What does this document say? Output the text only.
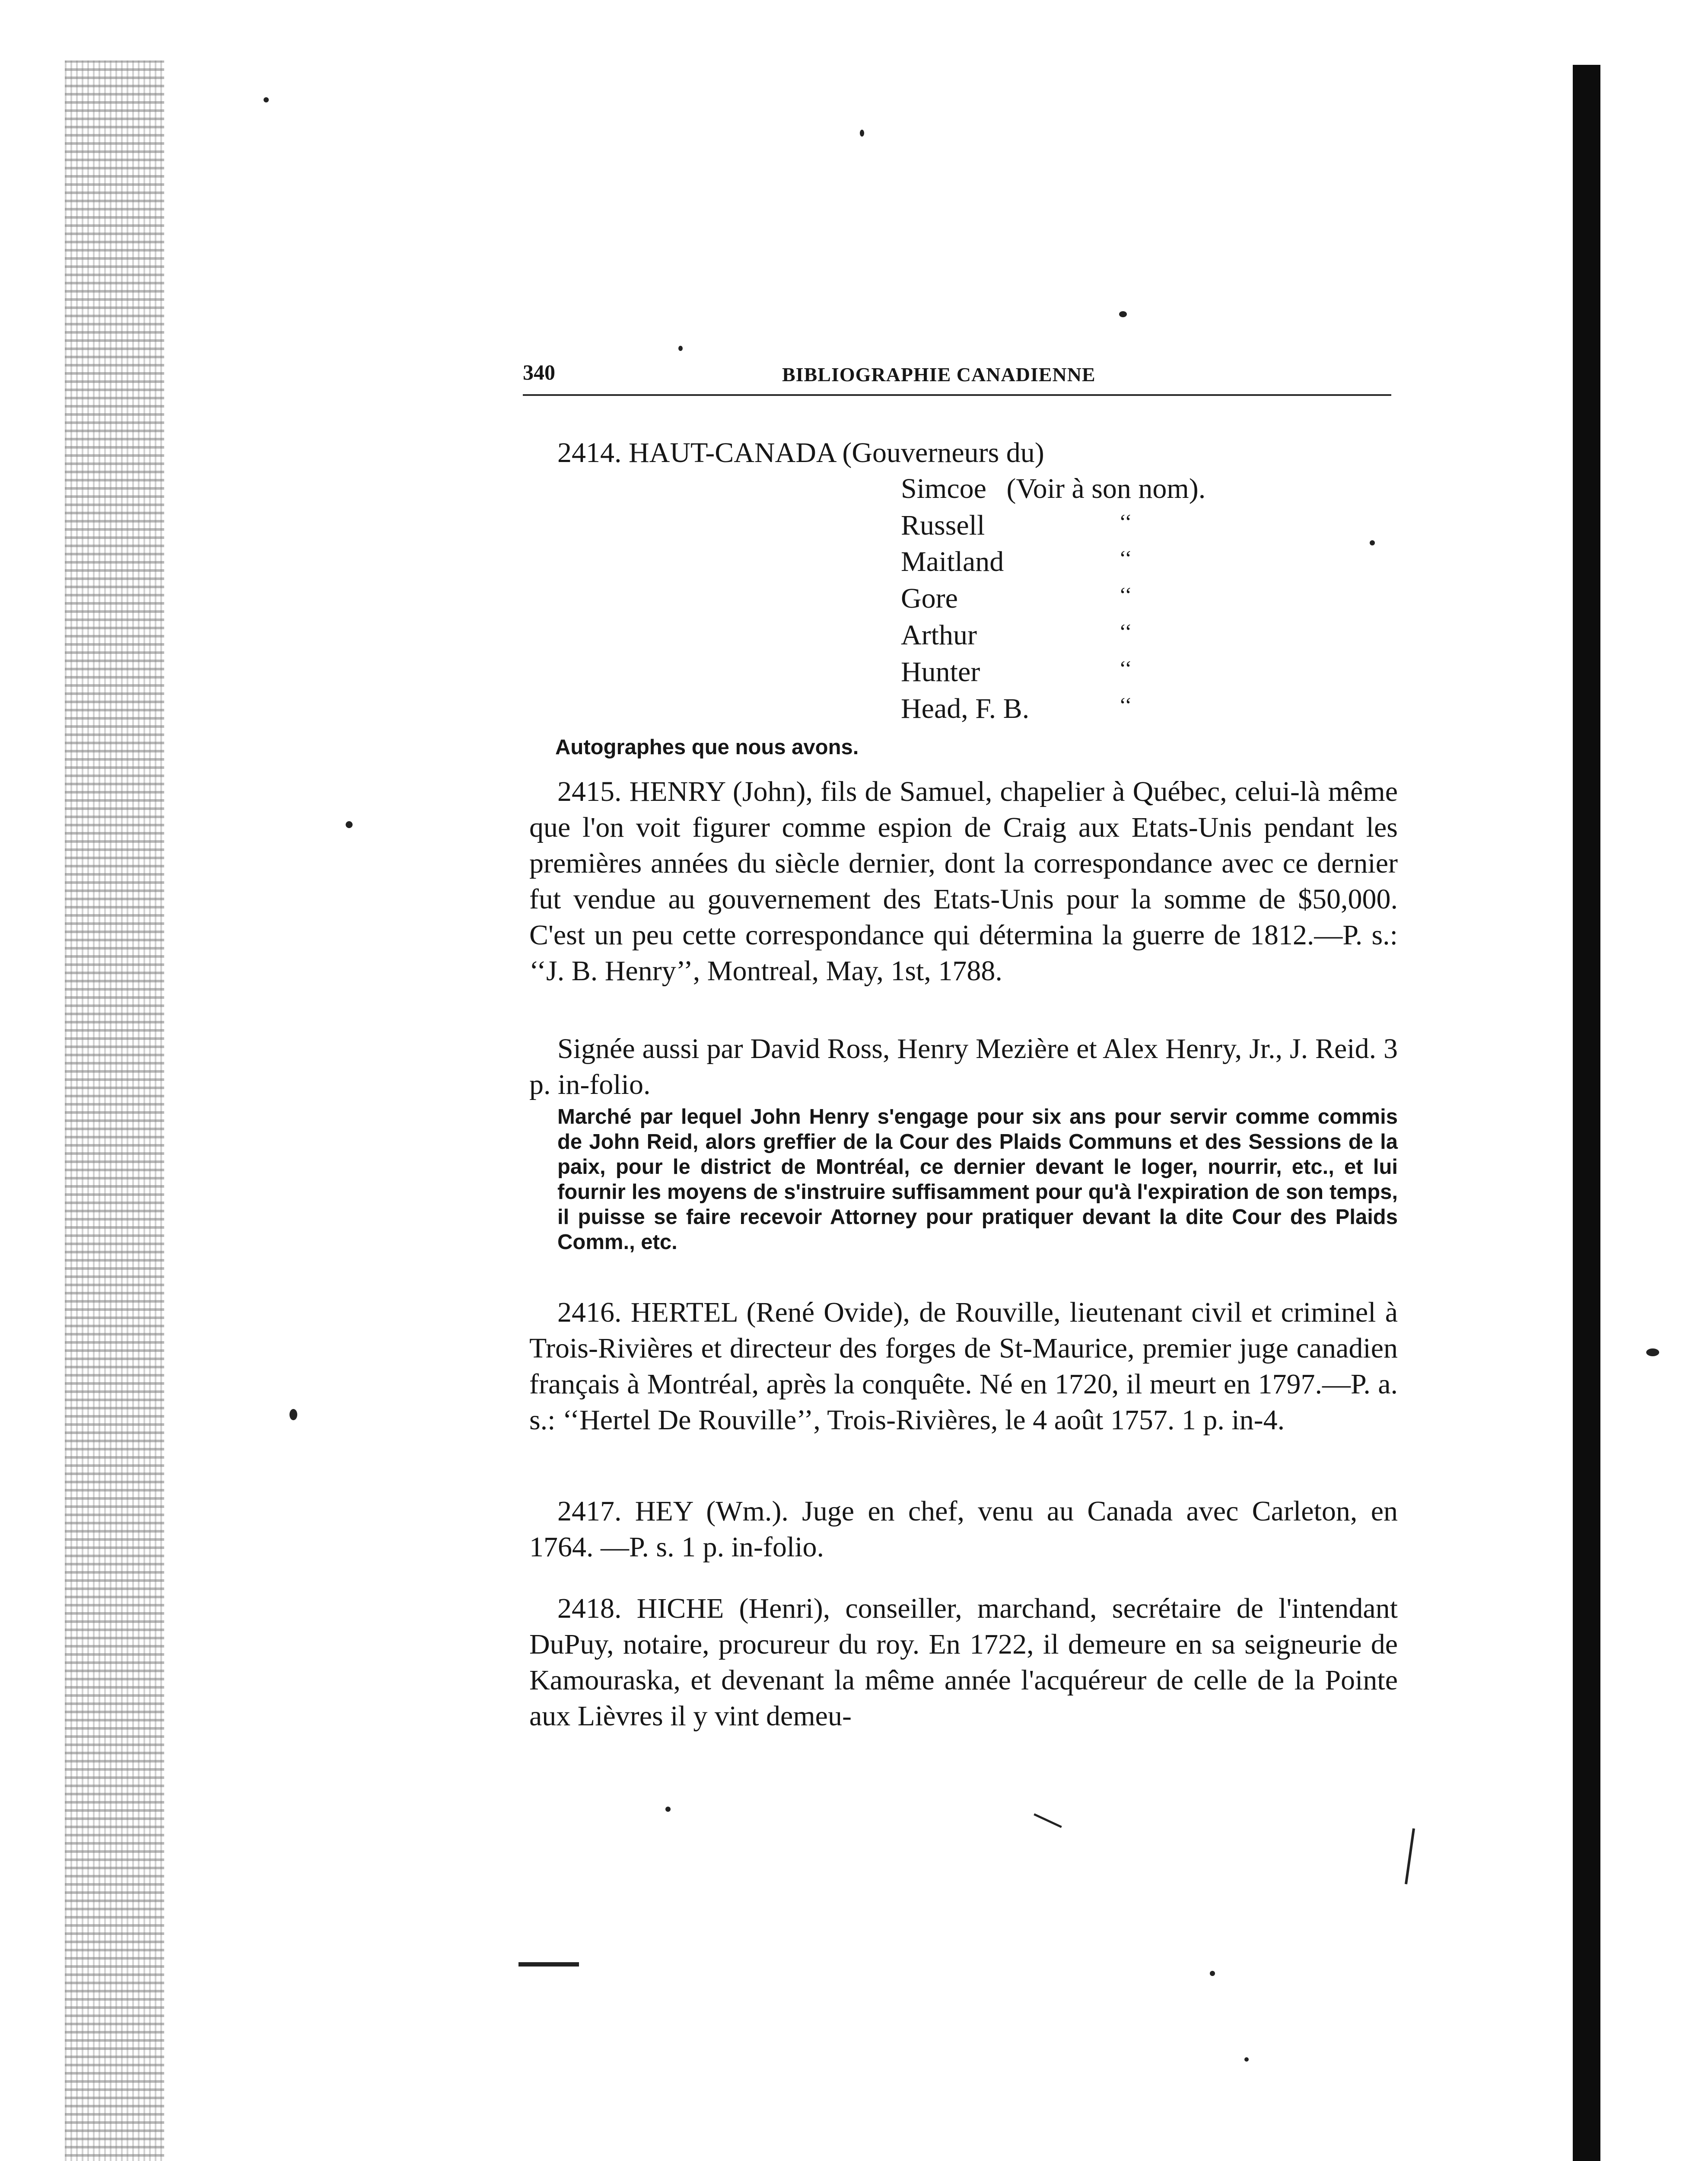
340	BIBLIOGRAPHIE CANADIENNE
2414. HAUT-CANADA (Gouverneurs du)
Simcoe (Voir à son nom).
Russell	‘‘
Maitland	‘‘
Gore	‘‘
Arthur	‘‘
Hunter	‘‘
Head, F. B.	‘‘

Autographes que nous avons.

2415. HENRY (John), fils de Samuel, chapelier à Québec, celui-là même que l'on voit figurer comme espion de Craig aux Etats-Unis pendant les premières années du siècle dernier, dont la correspondance avec ce dernier fut vendue au gouvernement des Etats-Unis pour la somme de $50,000. C'est un peu cette correspondance qui détermina la guerre de 1812.—P. s.: ‘‘J. B. Henry’’, Montreal, May, 1st, 1788.

Signée aussi par David Ross, Henry Mezière et Alex Henry, Jr., J. Reid. 3 p. in-folio.

Marché par lequel John Henry s'engage pour six ans pour servir comme commis de John Reid, alors greffier de la Cour des Plaids Communs et des Sessions de la paix, pour le district de Montréal, ce dernier devant le loger, nourrir, etc., et lui fournir les moyens de s'instruire suffisamment pour qu'à l'expiration de son temps, il puisse se faire recevoir Attorney pour pratiquer devant la dite Cour des Plaids Comm., etc.

2416. HERTEL (René Ovide), de Rouville, lieutenant civil et criminel à Trois-Rivières et directeur des forges de St-Maurice, premier juge canadien français à Montréal, après la conquête. Né en 1720, il meurt en 1797.—P. a. s.: ‘‘Hertel De Rouville’’, Trois-Rivières, le 4 août 1757. 1 p. in-4.

2417. HEY (Wm.). Juge en chef, venu au Canada avec Carleton, en 1764. —P. s. 1 p. in-folio.

2418. HICHE (Henri), conseiller, marchand, secrétaire de l'intendant DuPuy, notaire, procureur du roy. En 1722, il demeure en sa seigneurie de Kamouraska, et devenant la même année l'acquéreur de celle de la Pointe aux Lièvres il y vint demeu-
